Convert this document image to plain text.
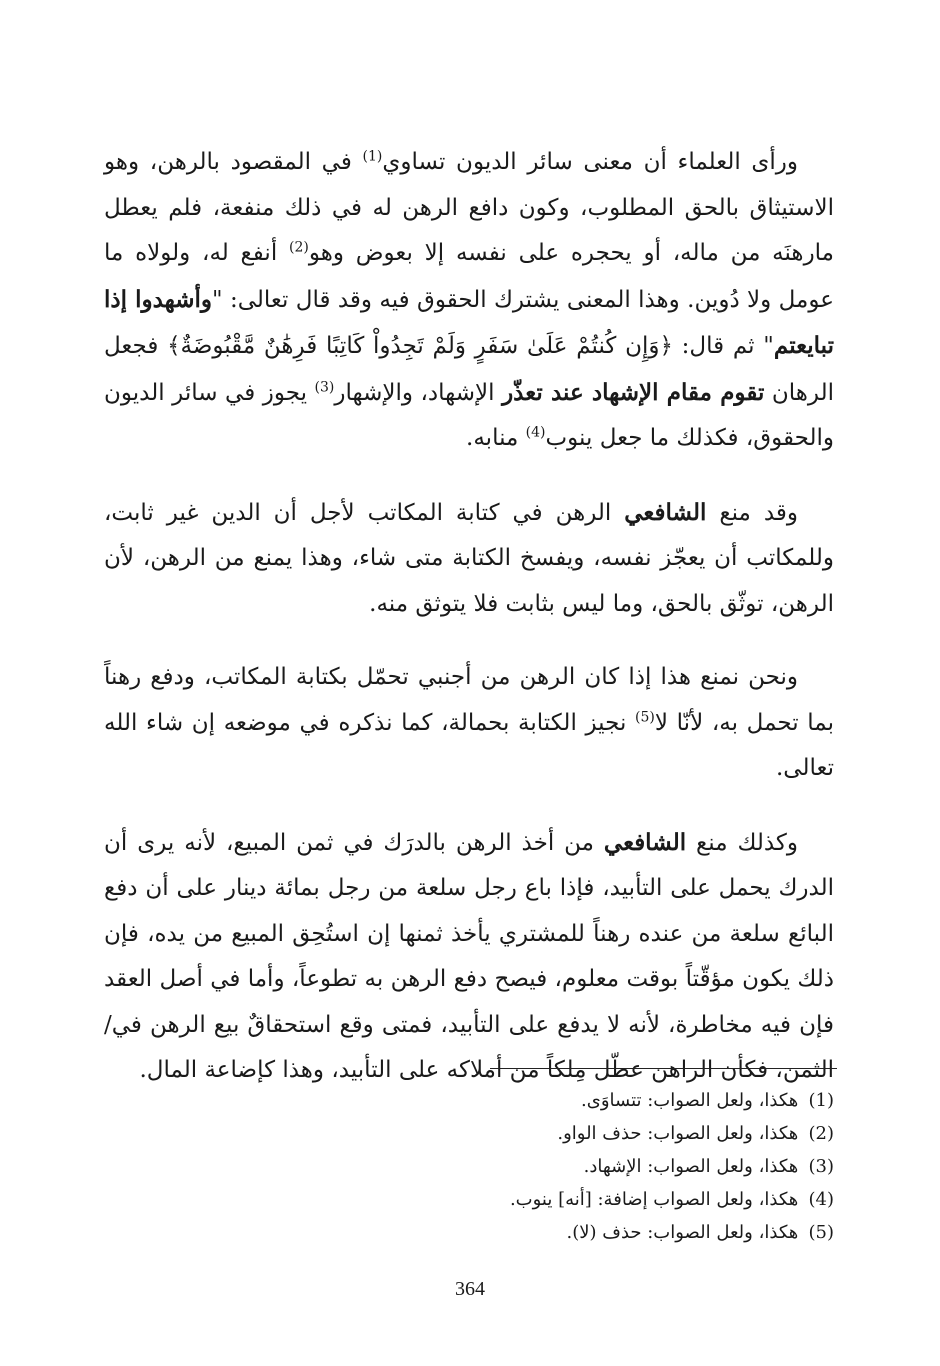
ورأى العلماء أن معنى سائر الديون تساوي$^{(1)}$ في المقصود بالرهن، وهو الاستيثاق بالحق المطلوب، وكون دافع الرهن له في ذلك منفعة، فلم يعطل مارهنَه من ماله، أو يحجره على نفسه إلا بعوض وهو$^{(2)}$ أنفع له، ولولاه ما عومل ولا دُوين. وهذا المعنى يشترك الحقوق فيه وقد قال تعالى: "وأشهدوا إذا تبايعتم" ثم قال: ﴿وَإِن كُنتُمْ عَلَىٰ سَفَرٍ وَلَمْ تَجِدُواْ كَاتِبًا فَرِهَٰنٌ مَّقْبُوضَةٌ﴾ فجعل الرهان تقوم مقام الإشهاد عند تعذّر الإشهاد، والإشهار$^{(3)}$ يجوز في سائر الديون والحقوق، فكذلك ما جعل ينوب$^{(4)}$ منابه.

وقد منع الشافعي الرهن في كتابة المكاتب لأجل أن الدين غير ثابت، وللمكاتب أن يعجّز نفسه، ويفسخ الكتابة متى شاء، وهذا يمنع من الرهن، لأن الرهن، توثّق بالحق، وما ليس بثابت فلا يتوثق منه.

ونحن نمنع هذا إذا كان الرهن من أجنبي تحمّل بكتابة المكاتب، ودفع رهناً بما تحمل به، لأنّا لا$^{(5)}$ نجيز الكتابة بحمالة، كما نذكره في موضعه إن شاء الله تعالى.

وكذلك منع الشافعي من أخذ الرهن بالدرَك في ثمن المبيع، لأنه يرى أن الدرك يحمل على التأبيد، فإذا باع رجل سلعة من رجل بمائة دينار على أن دفع البائع سلعة من عنده رهناً للمشتري يأخذ ثمنها إن استُحِق المبيع من يده، فإن ذلك يكون مؤقّتاً بوقت معلوم، فيصح دفع الرهن به تطوعاً، وأما في أصل العقد فإن فيه مخاطرة، لأنه لا يدفع على التأبيد، فمتى وقع استحقاقٌ بيع الرهن في/ الثمن، فكأن الراهن عطّل مِلكاً من أملاكه على التأبيد، وهذا كإضاعة المال.

(1) هكذا، ولعل الصواب: تتساوَى.
(2) هكذا، ولعل الصواب: حذف الواو.
(3) هكذا، ولعل الصواب: الإشهاد.
(4) هكذا، ولعل الصواب إضافة: [أنه] ينوب.
(5) هكذا، ولعل الصواب: حذف (لا).
364
